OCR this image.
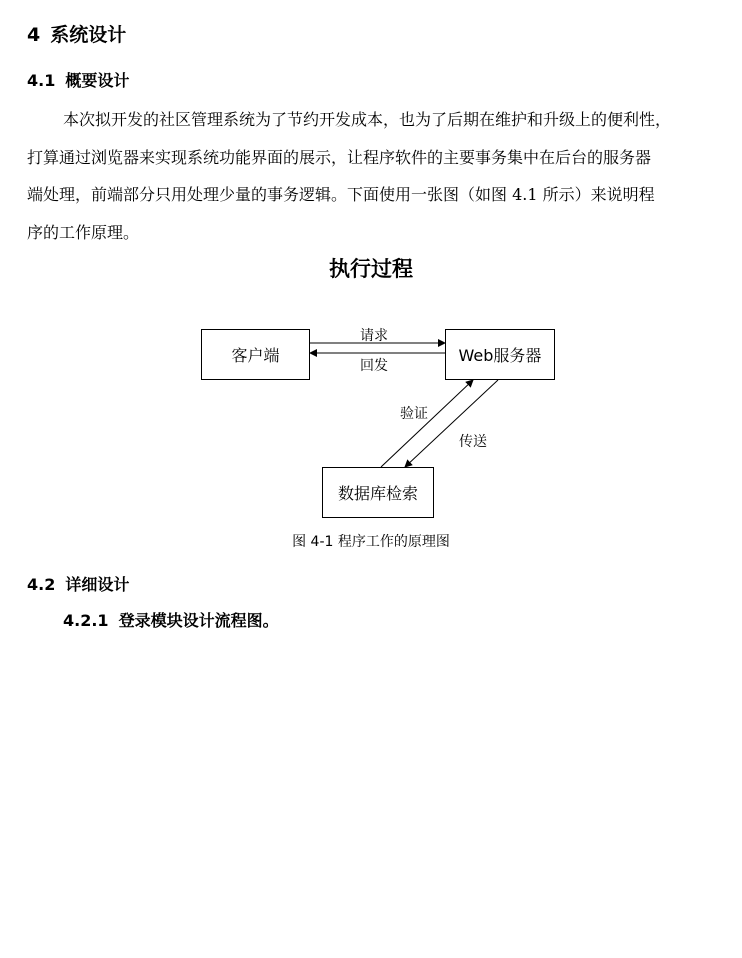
4 系统设计
4.1 概要设计
本次拟开发的社区管理系统为了节约开发成本，也为了后期在维护和升级上的便利性，
打算通过浏览器来实现系统功能界面的展示，让程序软件的主要事务集中在后台的服务器
端处理，前端部分只用处理少量的事务逻辑。下面使用一张图（如图 4.1 所示）来说明程
序的工作原理。
执行过程
客户端	Web服务器
数据库检索
请求
回发
验证
传送
图 4-1 程序工作的原理图
4.2 详细设计
4.2.1 登录模块设计流程图。
